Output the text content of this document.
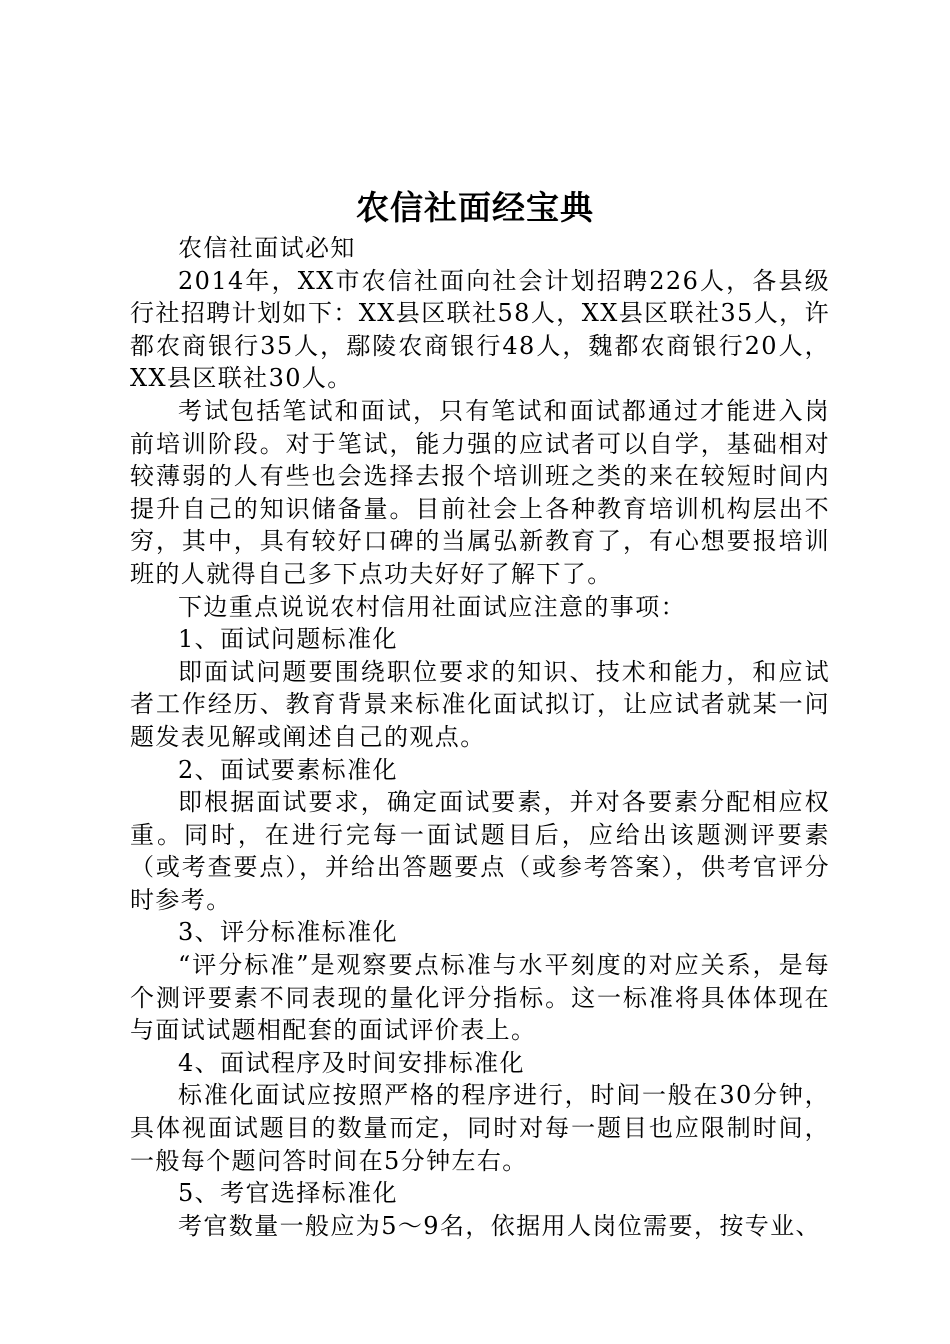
农信社面经宝典

农信社面试必知

2014年，XX市农信社面向社会计划招聘226人，各县级行社招聘计划如下：XX县区联社58人，XX县区联社35人，许都农商银行35人，鄢陵农商银行48人，魏都农商银行20人，XX县区联社30人。

考试包括笔试和面试，只有笔试和面试都通过才能进入岗前培训阶段。对于笔试，能力强的应试者可以自学，基础相对较薄弱的人有些也会选择去报个培训班之类的来在较短时间内提升自己的知识储备量。目前社会上各种教育培训机构层出不穷，其中，具有较好口碑的当属弘新教育了，有心想要报培训班的人就得自己多下点功夫好好了解下了。

下边重点说说农村信用社面试应注意的事项：

1、面试问题标准化

即面试问题要围绕职位要求的知识、技术和能力，和应试者工作经历、教育背景来标准化面试拟订，让应试者就某一问题发表见解或阐述自己的观点。

2、面试要素标准化

即根据面试要求，确定面试要素，并对各要素分配相应权重。同时，在进行完每一面试题目后，应给出该题测评要素（或考查要点），并给出答题要点（或参考答案），供考官评分时参考。

3、评分标准标准化

“评分标准”是观察要点标准与水平刻度的对应关系，是每个测评要素不同表现的量化评分指标。这一标准将具体体现在与面试试题相配套的面试评价表上。

4、面试程序及时间安排标准化

标准化面试应按照严格的程序进行，时间一般在30分钟，具体视面试题目的数量而定，同时对每一题目也应限制时间，一般每个题问答时间在5分钟左右。

5、考官选择标准化

考官数量一般应为5～9名，依据用人岗位需要，按专业、
